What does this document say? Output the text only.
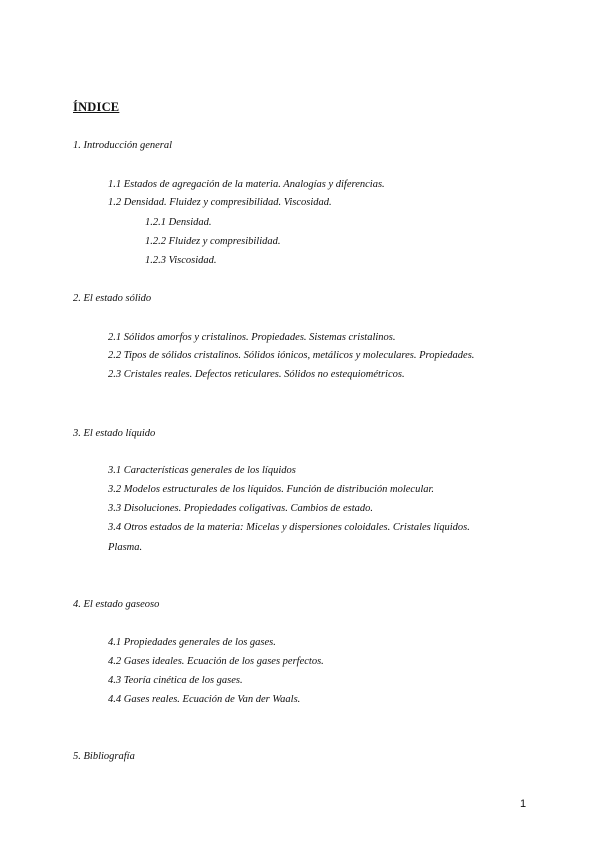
ÍNDICE
1. Introducción general
1.1 Estados de agregación de la materia. Analogías y diferencias.
1.2 Densidad. Fluidez y compresibilidad. Viscosidad.
1.2.1 Densidad.
1.2.2 Fluidez y compresibilidad.
1.2.3 Viscosidad.
2. El estado sólido
2.1 Sólidos amorfos y cristalinos. Propiedades. Sistemas cristalinos.
2.2 Tipos de sólidos cristalinos. Sólidos iónicos, metálicos y moleculares. Propiedades.
2.3 Cristales reales. Defectos reticulares. Sólidos no estequiométricos.
3. El estado líquido
3.1 Características generales de los líquidos
3.2 Modelos estructurales de los líquidos. Función de distribución molecular.
3.3 Disoluciones. Propiedades coligativas. Cambios de estado.
3.4 Otros estados de la materia: Micelas y dispersiones coloidales. Cristales líquidos.
Plasma.
4. El estado gaseoso
4.1 Propiedades generales de los gases.
4.2 Gases ideales. Ecuación de los gases perfectos.
4.3 Teoría cinética de los gases.
4.4 Gases reales. Ecuación de Van der Waals.
5. Bibliografía
1
